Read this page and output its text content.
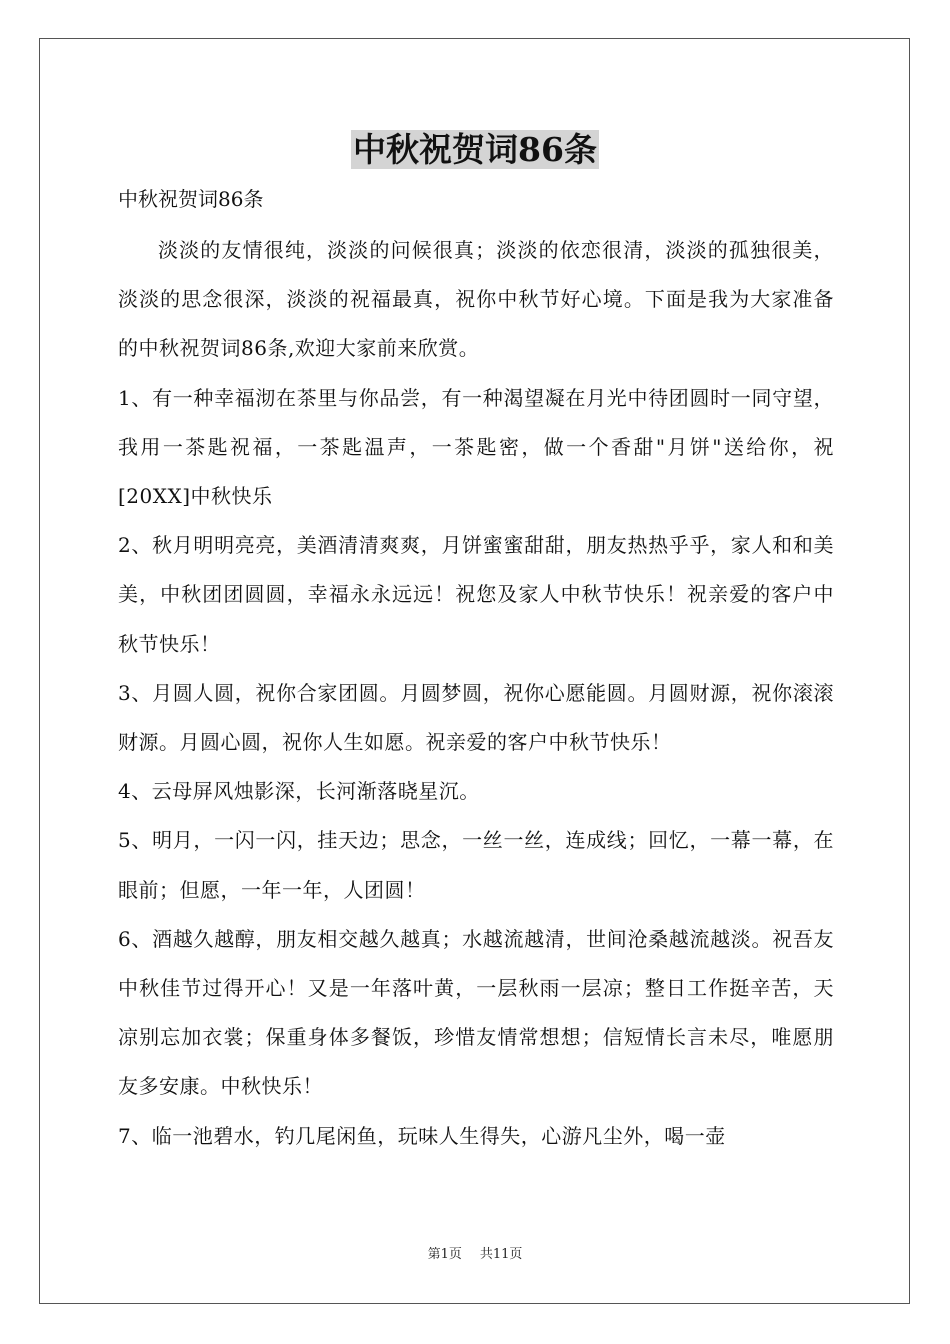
中秋祝贺词86条

中秋祝贺词86条

淡淡的友情很纯，淡淡的问候很真；淡淡的依恋很清，淡淡的孤独很美，淡淡的思念很深，淡淡的祝福最真，祝你中秋节好心境。下面是我为大家准备的中秋祝贺词86条,欢迎大家前来欣赏。

1、有一种幸福沏在茶里与你品尝，有一种渴望凝在月光中待团圆时一同守望，我用一茶匙祝福，一茶匙温声，一茶匙密，做一个香甜"月饼"送给你，祝[20XX]中秋快乐

2、秋月明明亮亮，美酒清清爽爽，月饼蜜蜜甜甜，朋友热热乎乎，家人和和美美，中秋团团圆圆，幸福永永远远！祝您及家人中秋节快乐！祝亲爱的客户中秋节快乐！

3、月圆人圆，祝你合家团圆。月圆梦圆，祝你心愿能圆。月圆财源，祝你滚滚财源。月圆心圆，祝你人生如愿。祝亲爱的客户中秋节快乐！

4、云母屏风烛影深，长河渐落晓星沉。

5、明月，一闪一闪，挂天边；思念，一丝一丝，连成线；回忆，一幕一幕，在眼前；但愿，一年一年，人团圆！

6、酒越久越醇，朋友相交越久越真；水越流越清，世间沧桑越流越淡。祝吾友中秋佳节过得开心！又是一年落叶黄，一层秋雨一层凉；整日工作挺辛苦，天凉别忘加衣裳；保重身体多餐饭，珍惜友情常想想；信短情长言未尽，唯愿朋友多安康。中秋快乐！

7、临一池碧水，钓几尾闲鱼，玩味人生得失，心游凡尘外，喝一壶

第1页 共11页
